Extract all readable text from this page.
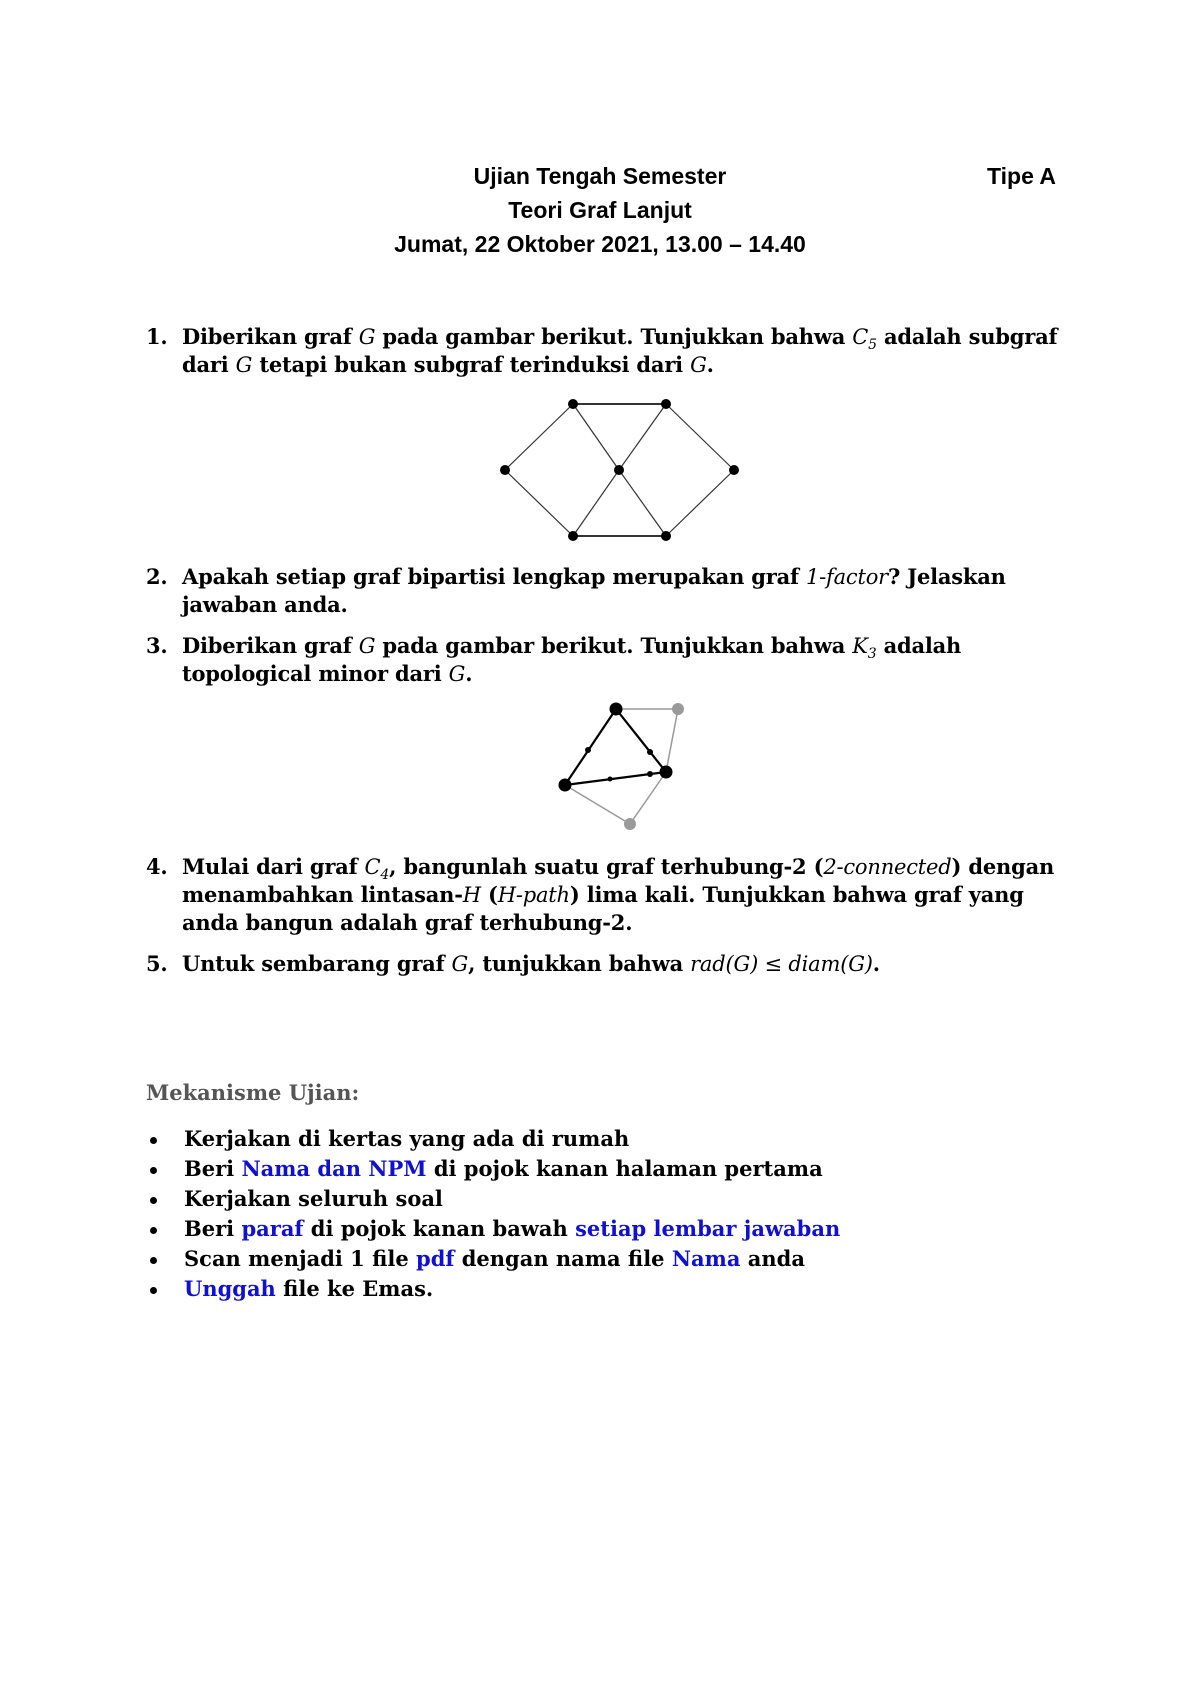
Ujian Tengah Semester	Tipe A
Teori Graf Lanjut
Jumat, 22 Oktober 2021, 13.00 – 14.40
1. Diberikan graf G pada gambar berikut. Tunjukkan bahwa $C_5$ adalah subgraf dari G tetapi bukan subgraf terinduksi dari G.
2. Apakah setiap graf bipartisi lengkap merupakan graf 1-factor? Jelaskan jawaban anda.
3. Diberikan graf G pada gambar berikut. Tunjukkan bahwa $K_3$ adalah topological minor dari G.
4. Mulai dari graf $C_4$, bangunlah suatu graf terhubung-2 (2-connected) dengan menambahkan lintasan-H (H-path) lima kali. Tunjukkan bahwa graf yang anda bangun adalah graf terhubung-2.
5. Untuk sembarang graf G, tunjukkan bahwa rad(G) ≤ diam(G).
Mekanisme Ujian:
Kerjakan di kertas yang ada di rumah
Beri Nama dan NPM di pojok kanan halaman pertama
Kerjakan seluruh soal
Beri paraf di pojok kanan bawah setiap lembar jawaban
Scan menjadi 1 file pdf dengan nama file Nama anda
Unggah file ke Emas.
